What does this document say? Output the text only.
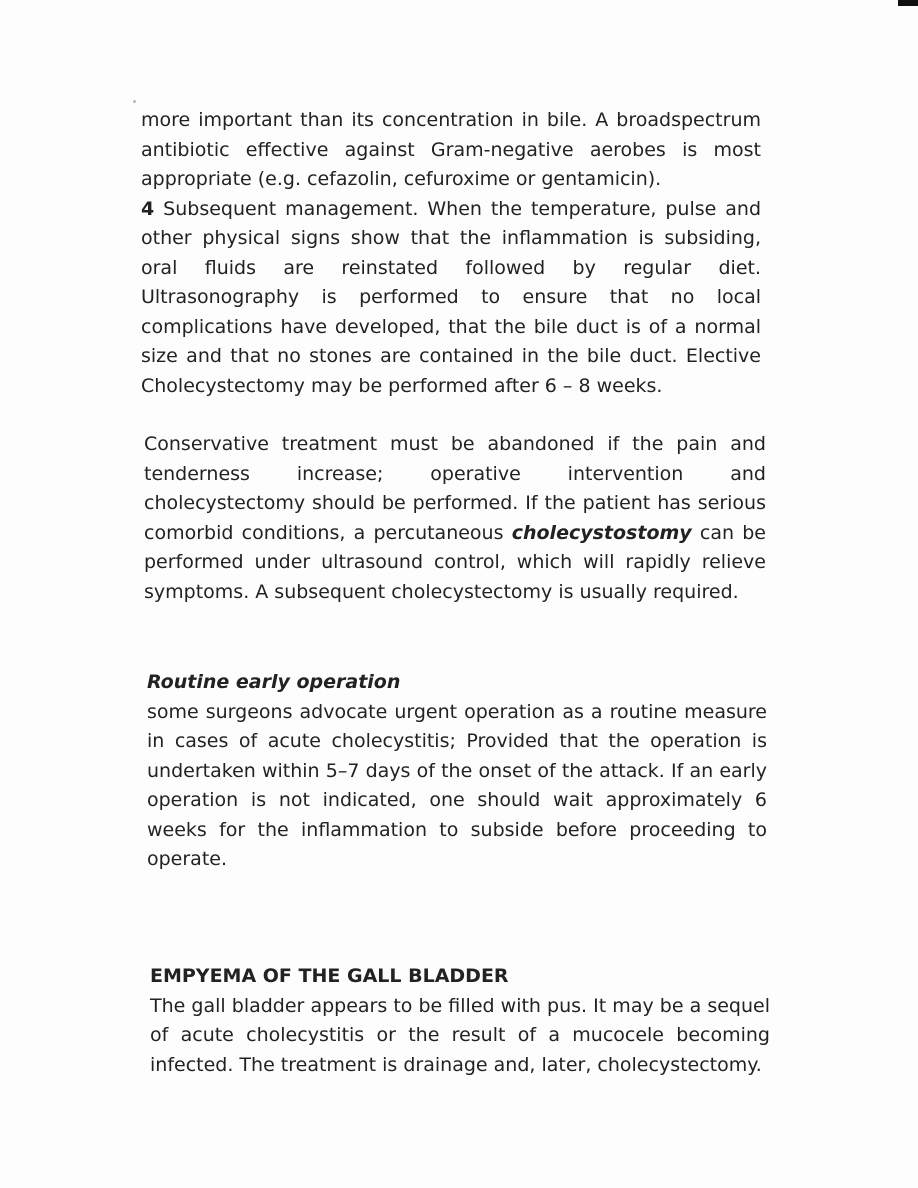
more important than its concentration in bile. A broadspectrum antibiotic effective against Gram-negative aerobes is most appropriate (e.g. cefazolin, cefuroxime or gentamicin).

4 Subsequent management. When the temperature, pulse and other physical signs show that the inflammation is subsiding, oral fluids are reinstated followed by regular diet. Ultrasonography is performed to ensure that no local complications have developed, that the bile duct is of a normal size and that no stones are contained in the bile duct. Elective Cholecystectomy may be performed after 6 – 8 weeks.

Conservative treatment must be abandoned if the pain and tenderness increase; operative intervention and cholecystectomy should be performed. If the patient has serious comorbid conditions, a percutaneous cholecystostomy can be performed under ultrasound control, which will rapidly relieve symptoms. A subsequent cholecystectomy is usually required.

Routine early operation

some surgeons advocate urgent operation as a routine measure in cases of acute cholecystitis; Provided that the operation is undertaken within 5–7 days of the onset of the attack. If an early operation is not indicated, one should wait approximately 6 weeks for the inflammation to subside before proceeding to operate.

EMPYEMA OF THE GALL BLADDER

The gall bladder appears to be filled with pus. It may be a sequel of acute cholecystitis or the result of a mucocele becoming infected. The treatment is drainage and, later, cholecystectomy.
